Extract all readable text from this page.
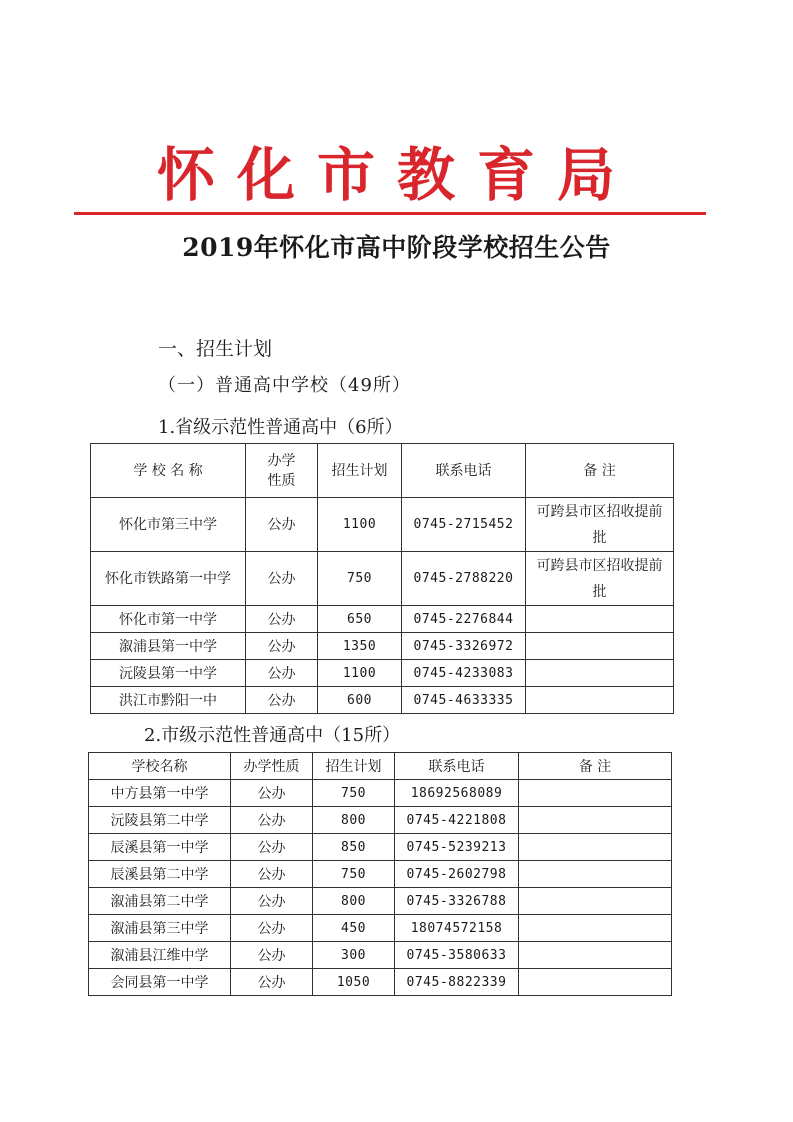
怀化市教育局
2019年怀化市高中阶段学校招生公告
一、招生计划
（一）普通高中学校（49所）
1.省级示范性普通高中（6所）
学 校 名 称	办学性质	招生计划	联系电话	备 注
怀化市第三中学	公办	1100	0745-2715452	可跨县市区招收提前批
怀化市铁路第一中学	公办	750	0745-2788220	可跨县市区招收提前批
怀化市第一中学	公办	650	0745-2276844	
溆浦县第一中学	公办	1350	0745-3326972	
沅陵县第一中学	公办	1100	0745-4233083	
洪江市黔阳一中	公办	600	0745-4633335	
2.市级示范性普通高中（15所）
学校名称	办学性质	招生计划	联系电话	备 注
中方县第一中学	公办	750	18692568089	
沅陵县第二中学	公办	800	0745-4221808	
辰溪县第一中学	公办	850	0745-5239213	
辰溪县第二中学	公办	750	0745-2602798	
溆浦县第二中学	公办	800	0745-3326788	
溆浦县第三中学	公办	450	18074572158	
溆浦县江维中学	公办	300	0745-3580633	
会同县第一中学	公办	1050	0745-8822339	
